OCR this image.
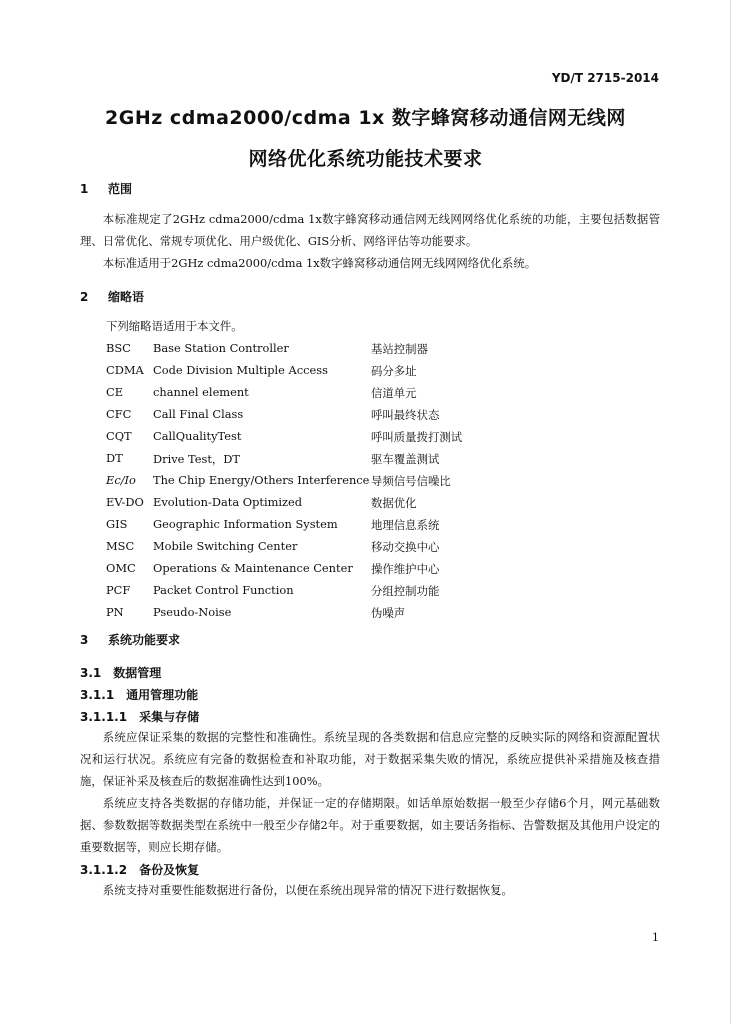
YD/T 2715-2014
2GHz cdma2000/cdma 1x 数字蜂窝移动通信网无线网
网络优化系统功能技术要求
1 范围
本标准规定了2GHz cdma2000/cdma 1x数字蜂窝移动通信网无线网网络优化系统的功能，主要包括数据管理、日常优化、常规专项优化、用户级优化、GIS分析、网络评估等功能要求。
本标准适用于2GHz cdma2000/cdma 1x数字蜂窝移动通信网无线网网络优化系统。
2 缩略语
下列缩略语适用于本文件。
BSC Base Station Controller	基站控制器
CDMA Code Division Multiple Access	码分多址
CE	channel element	信道单元
CFC Call Final Class	呼叫最终状态
CQT CallQualityTest	呼叫质量拨打测试
DT	Drive Test，DT	驱车覆盖测试
Ec/Io The Chip Energy/Others Interference 导频信号信噪比
EV-DO Evolution-Data Optimized	数据优化
GIS Geographic Information System	地理信息系统
MSC Mobile Switching Center	移动交换中心
OMC Operations & Maintenance Center 操作维护中心
PCF Packet Control Function	分组控制功能
PN	Pseudo-Noise	伪噪声
3 系统功能要求
3.1 数据管理
3.1.1 通用管理功能
3.1.1.1 采集与存储
系统应保证采集的数据的完整性和准确性。系统呈现的各类数据和信息应完整的反映实际的网络和资源配置状况和运行状况。系统应有完备的数据检查和补取功能，对于数据采集失败的情况，系统应提供补采措施及核查措施，保证补采及核查后的数据准确性达到100%。
系统应支持各类数据的存储功能，并保证一定的存储期限。如话单原始数据一般至少存储6个月，网元基础数据、参数数据等数据类型在系统中一般至少存储2年。对于重要数据，如主要话务指标、告警数据及其他用户设定的重要数据等，则应长期存储。
3.1.1.2 备份及恢复
系统支持对重要性能数据进行备份，以便在系统出现异常的情况下进行数据恢复。
1
